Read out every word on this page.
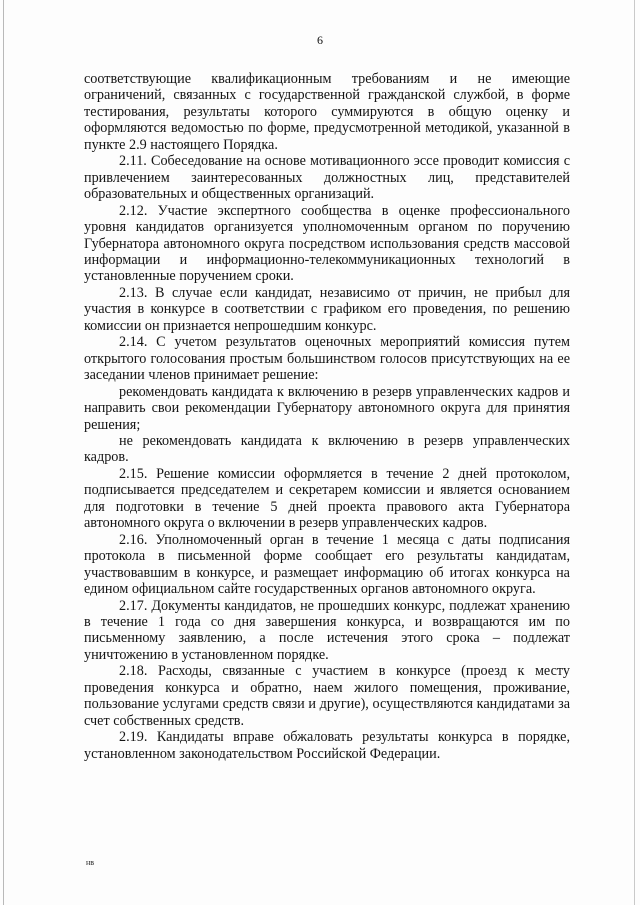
6

соответствующие квалификационным требованиям и не имеющие ограничений, связанных с государственной гражданской службой, в форме тестирования, результаты которого суммируются в общую оценку и оформляются ведомостью по форме, предусмотренной методикой, указанной в пункте 2.9 настоящего Порядка.

2.11. Собеседование на основе мотивационного эссе проводит комиссия с привлечением заинтересованных должностных лиц, представителей образовательных и общественных организаций.

2.12. Участие экспертного сообщества в оценке профессионального уровня кандидатов организуется уполномоченным органом по поручению Губернатора автономного округа посредством использования средств массовой информации и информационно-телекоммуникационных технологий в установленные поручением сроки.

2.13. В случае если кандидат, независимо от причин, не прибыл для участия в конкурсе в соответствии с графиком его проведения, по решению комиссии он признается непрошедшим конкурс.

2.14. С учетом результатов оценочных мероприятий комиссия путем открытого голосования простым большинством голосов присутствующих на ее заседании членов принимает решение:

рекомендовать кандидата к включению в резерв управленческих кадров и направить свои рекомендации Губернатору автономного округа для принятия решения;

не рекомендовать кандидата к включению в резерв управленческих кадров.

2.15. Решение комиссии оформляется в течение 2 дней протоколом, подписывается председателем и секретарем комиссии и является основанием для подготовки в течение 5 дней проекта правового акта Губернатора автономного округа о включении в резерв управленческих кадров.

2.16. Уполномоченный орган в течение 1 месяца с даты подписания протокола в письменной форме сообщает его результаты кандидатам, участвовавшим в конкурсе, и размещает информацию об итогах конкурса на едином официальном сайте государственных органов автономного округа.

2.17. Документы кандидатов, не прошедших конкурс, подлежат хранению в течение 1 года со дня завершения конкурса, и возвращаются им по письменному заявлению, а после истечения этого срока – подлежат уничтожению в установленном порядке.

2.18. Расходы, связанные с участием в конкурсе (проезд к месту проведения конкурса и обратно, наем жилого помещения, проживание, пользование услугами средств связи и другие), осуществляются кандидатами за счет собственных средств.

2.19. Кандидаты вправе обжаловать результаты конкурса в порядке, установленном законодательством Российской Федерации.

нв
